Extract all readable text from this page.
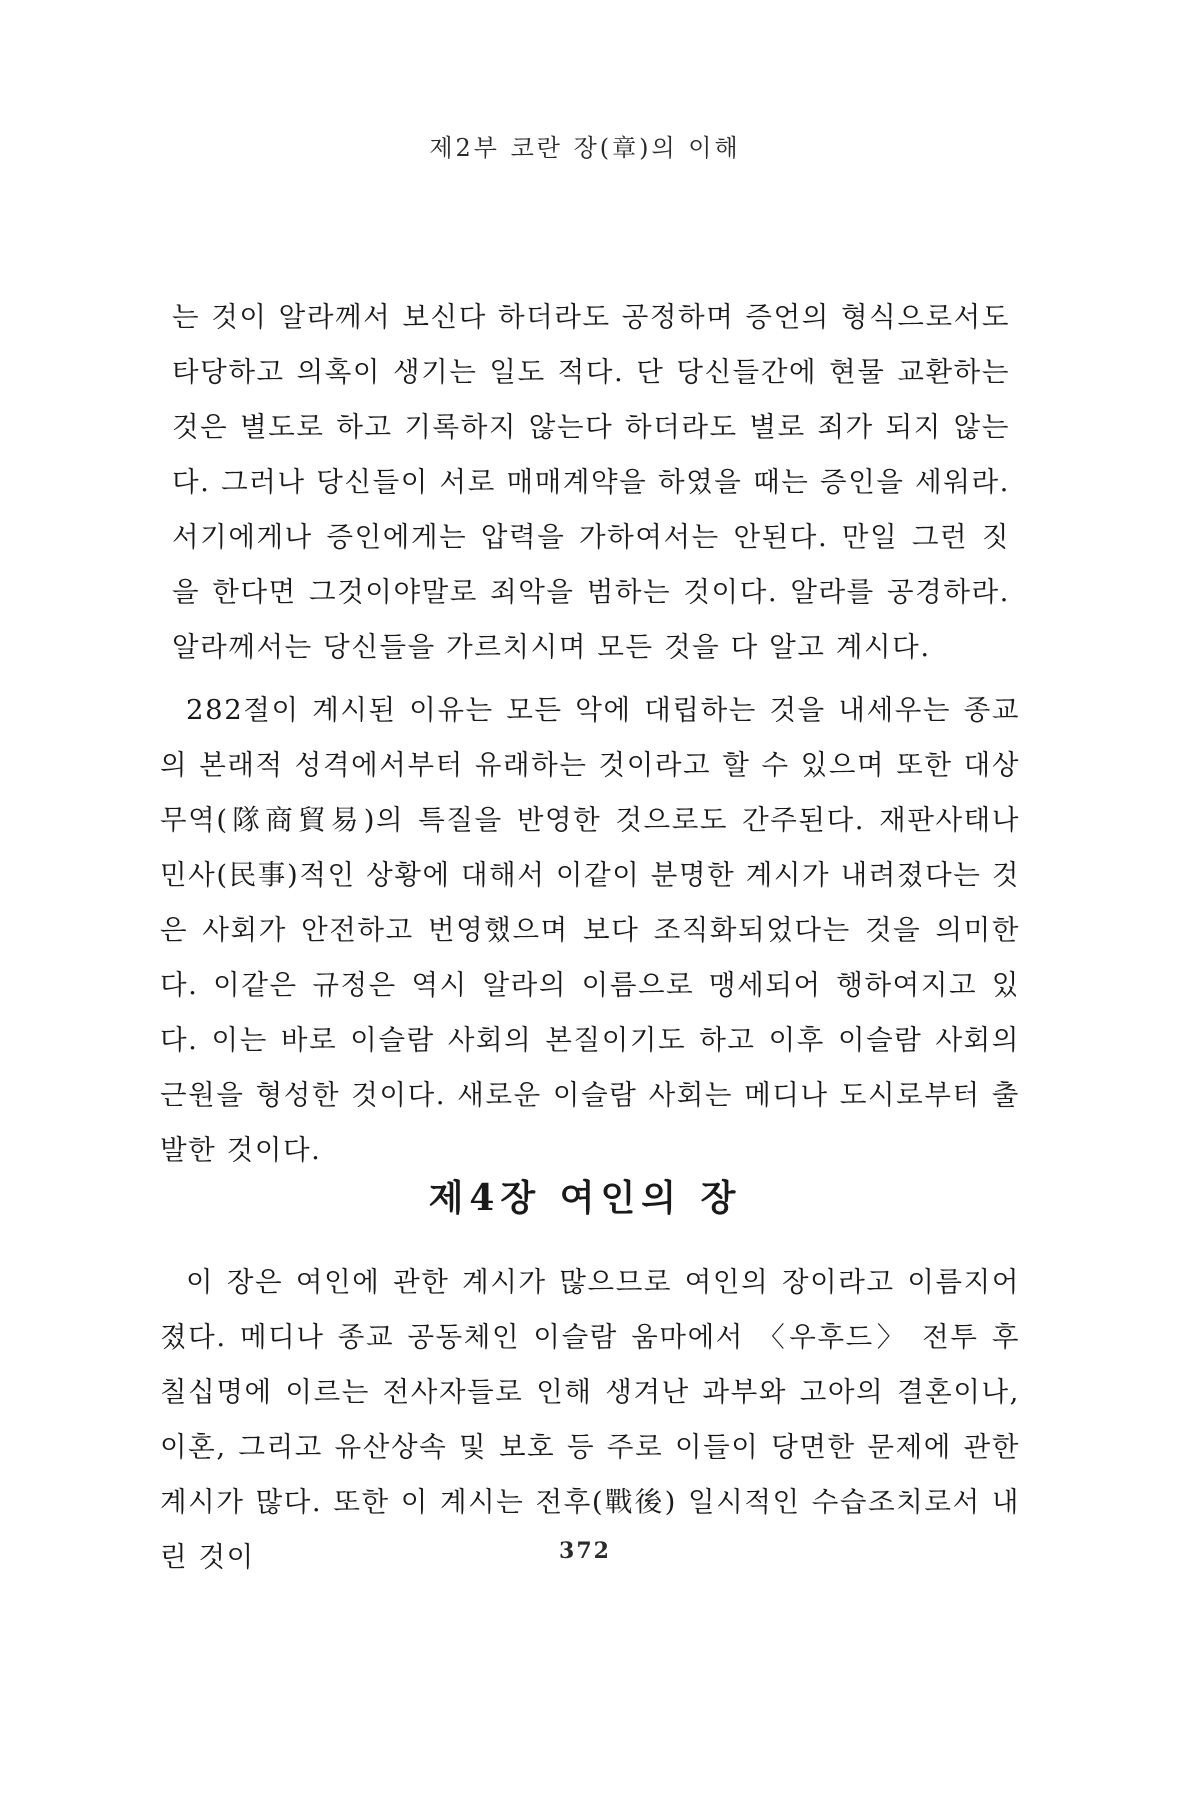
제2부 코란 장(章)의 이해

는 것이 알라께서 보신다 하더라도 공정하며 증언의 형식으로서도 타당하고 의혹이 생기는 일도 적다. 단 당신들간에 현물 교환하는 것은 별도로 하고 기록하지 않는다 하더라도 별로 죄가 되지 않는다. 그러나 당신들이 서로 매매계약을 하였을 때는 증인을 세워라. 서기에게나 증인에게는 압력을 가하여서는 안된다. 만일 그런 짓을 한다면 그것이야말로 죄악을 범하는 것이다. 알라를 공경하라. 알라께서는 당신들을 가르치시며 모든 것을 다 알고 계시다.

282절이 계시된 이유는 모든 악에 대립하는 것을 내세우는 종교의 본래적 성격에서부터 유래하는 것이라고 할 수 있으며 또한 대상무역(隊商貿易)의 특질을 반영한 것으로도 간주된다. 재판사태나 민사(民事)적인 상황에 대해서 이같이 분명한 계시가 내려졌다는 것은 사회가 안전하고 번영했으며 보다 조직화되었다는 것을 의미한다. 이같은 규정은 역시 알라의 이름으로 맹세되어 행하여지고 있다. 이는 바로 이슬람 사회의 본질이기도 하고 이후 이슬람 사회의 근원을 형성한 것이다. 새로운 이슬람 사회는 메디나 도시로부터 출발한 것이다.

제4장 여인의 장

이 장은 여인에 관한 계시가 많으므로 여인의 장이라고 이름지어졌다. 메디나 종교 공동체인 이슬람 움마에서 〈우후드〉 전투 후 칠십명에 이르는 전사자들로 인해 생겨난 과부와 고아의 결혼이나, 이혼, 그리고 유산상속 및 보호 등 주로 이들이 당면한 문제에 관한 계시가 많다. 또한 이 계시는 전후(戰後) 일시적인 수습조치로서 내린 것이	372
